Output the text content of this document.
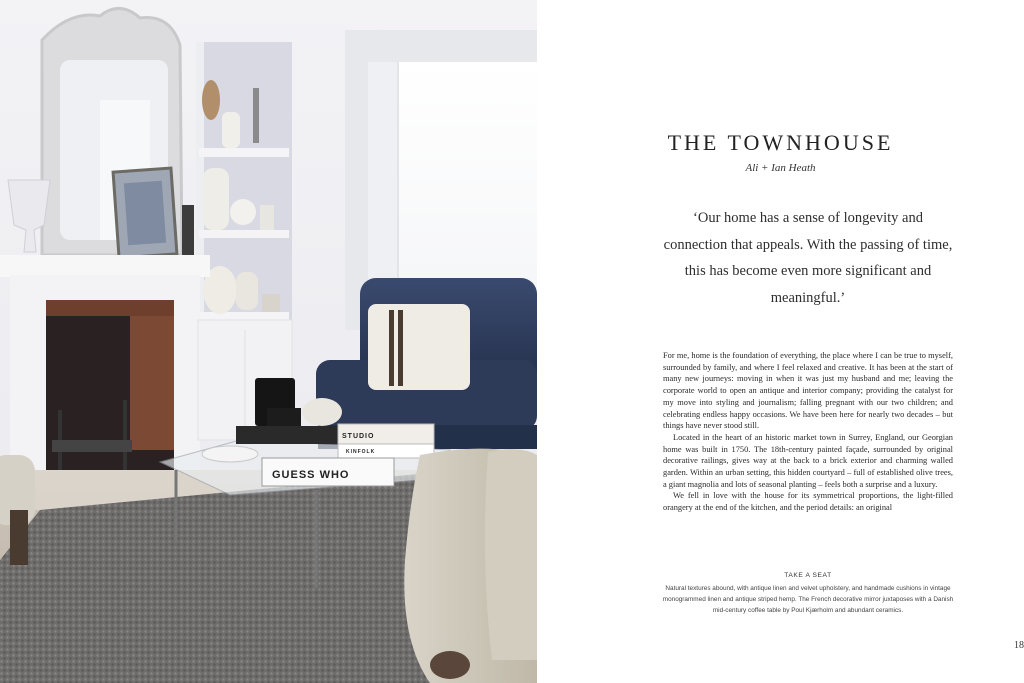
STUDIO
KINFOLK
GUESS WHO
THE TOWNHOUSE
Ali + Ian Heath

‘Our home has a sense of longevity and connection that appeals. With the passing of time, this has become even more significant and meaningful.’

For me, home is the foundation of everything, the place where I can be true to myself, surrounded by family, and where I feel relaxed and creative. It has been at the start of many new journeys: moving in when it was just my husband and me; leaving the corporate world to open an antique and interior company; providing the catalyst for my move into styling and journalism; falling pregnant with our two children; and celebrating endless happy occasions. We have been here for nearly two decades – but things have never stood still.

Located in the heart of an historic market town in Surrey, England, our Georgian home was built in 1750. The 18th-century painted façade, surrounded by original decorative railings, gives way at the back to a brick exterior and charming walled garden. Within an urban setting, this hidden courtyard – full of established olive trees, a giant magnolia and lots of seasonal planting – feels both a surprise and a luxury.

We fell in love with the house for its symmetrical proportions, the light-filled orangery at the end of the kitchen, and the period details: an original

TAKE A SEAT
Natural textures abound, with antique linen and velvet upholstery, and handmade cushions in vintage monogrammed linen and antique striped hemp. The French decorative mirror juxtaposes with a Danish mid-century coffee table by Poul Kjærholm and abundant ceramics.
18
